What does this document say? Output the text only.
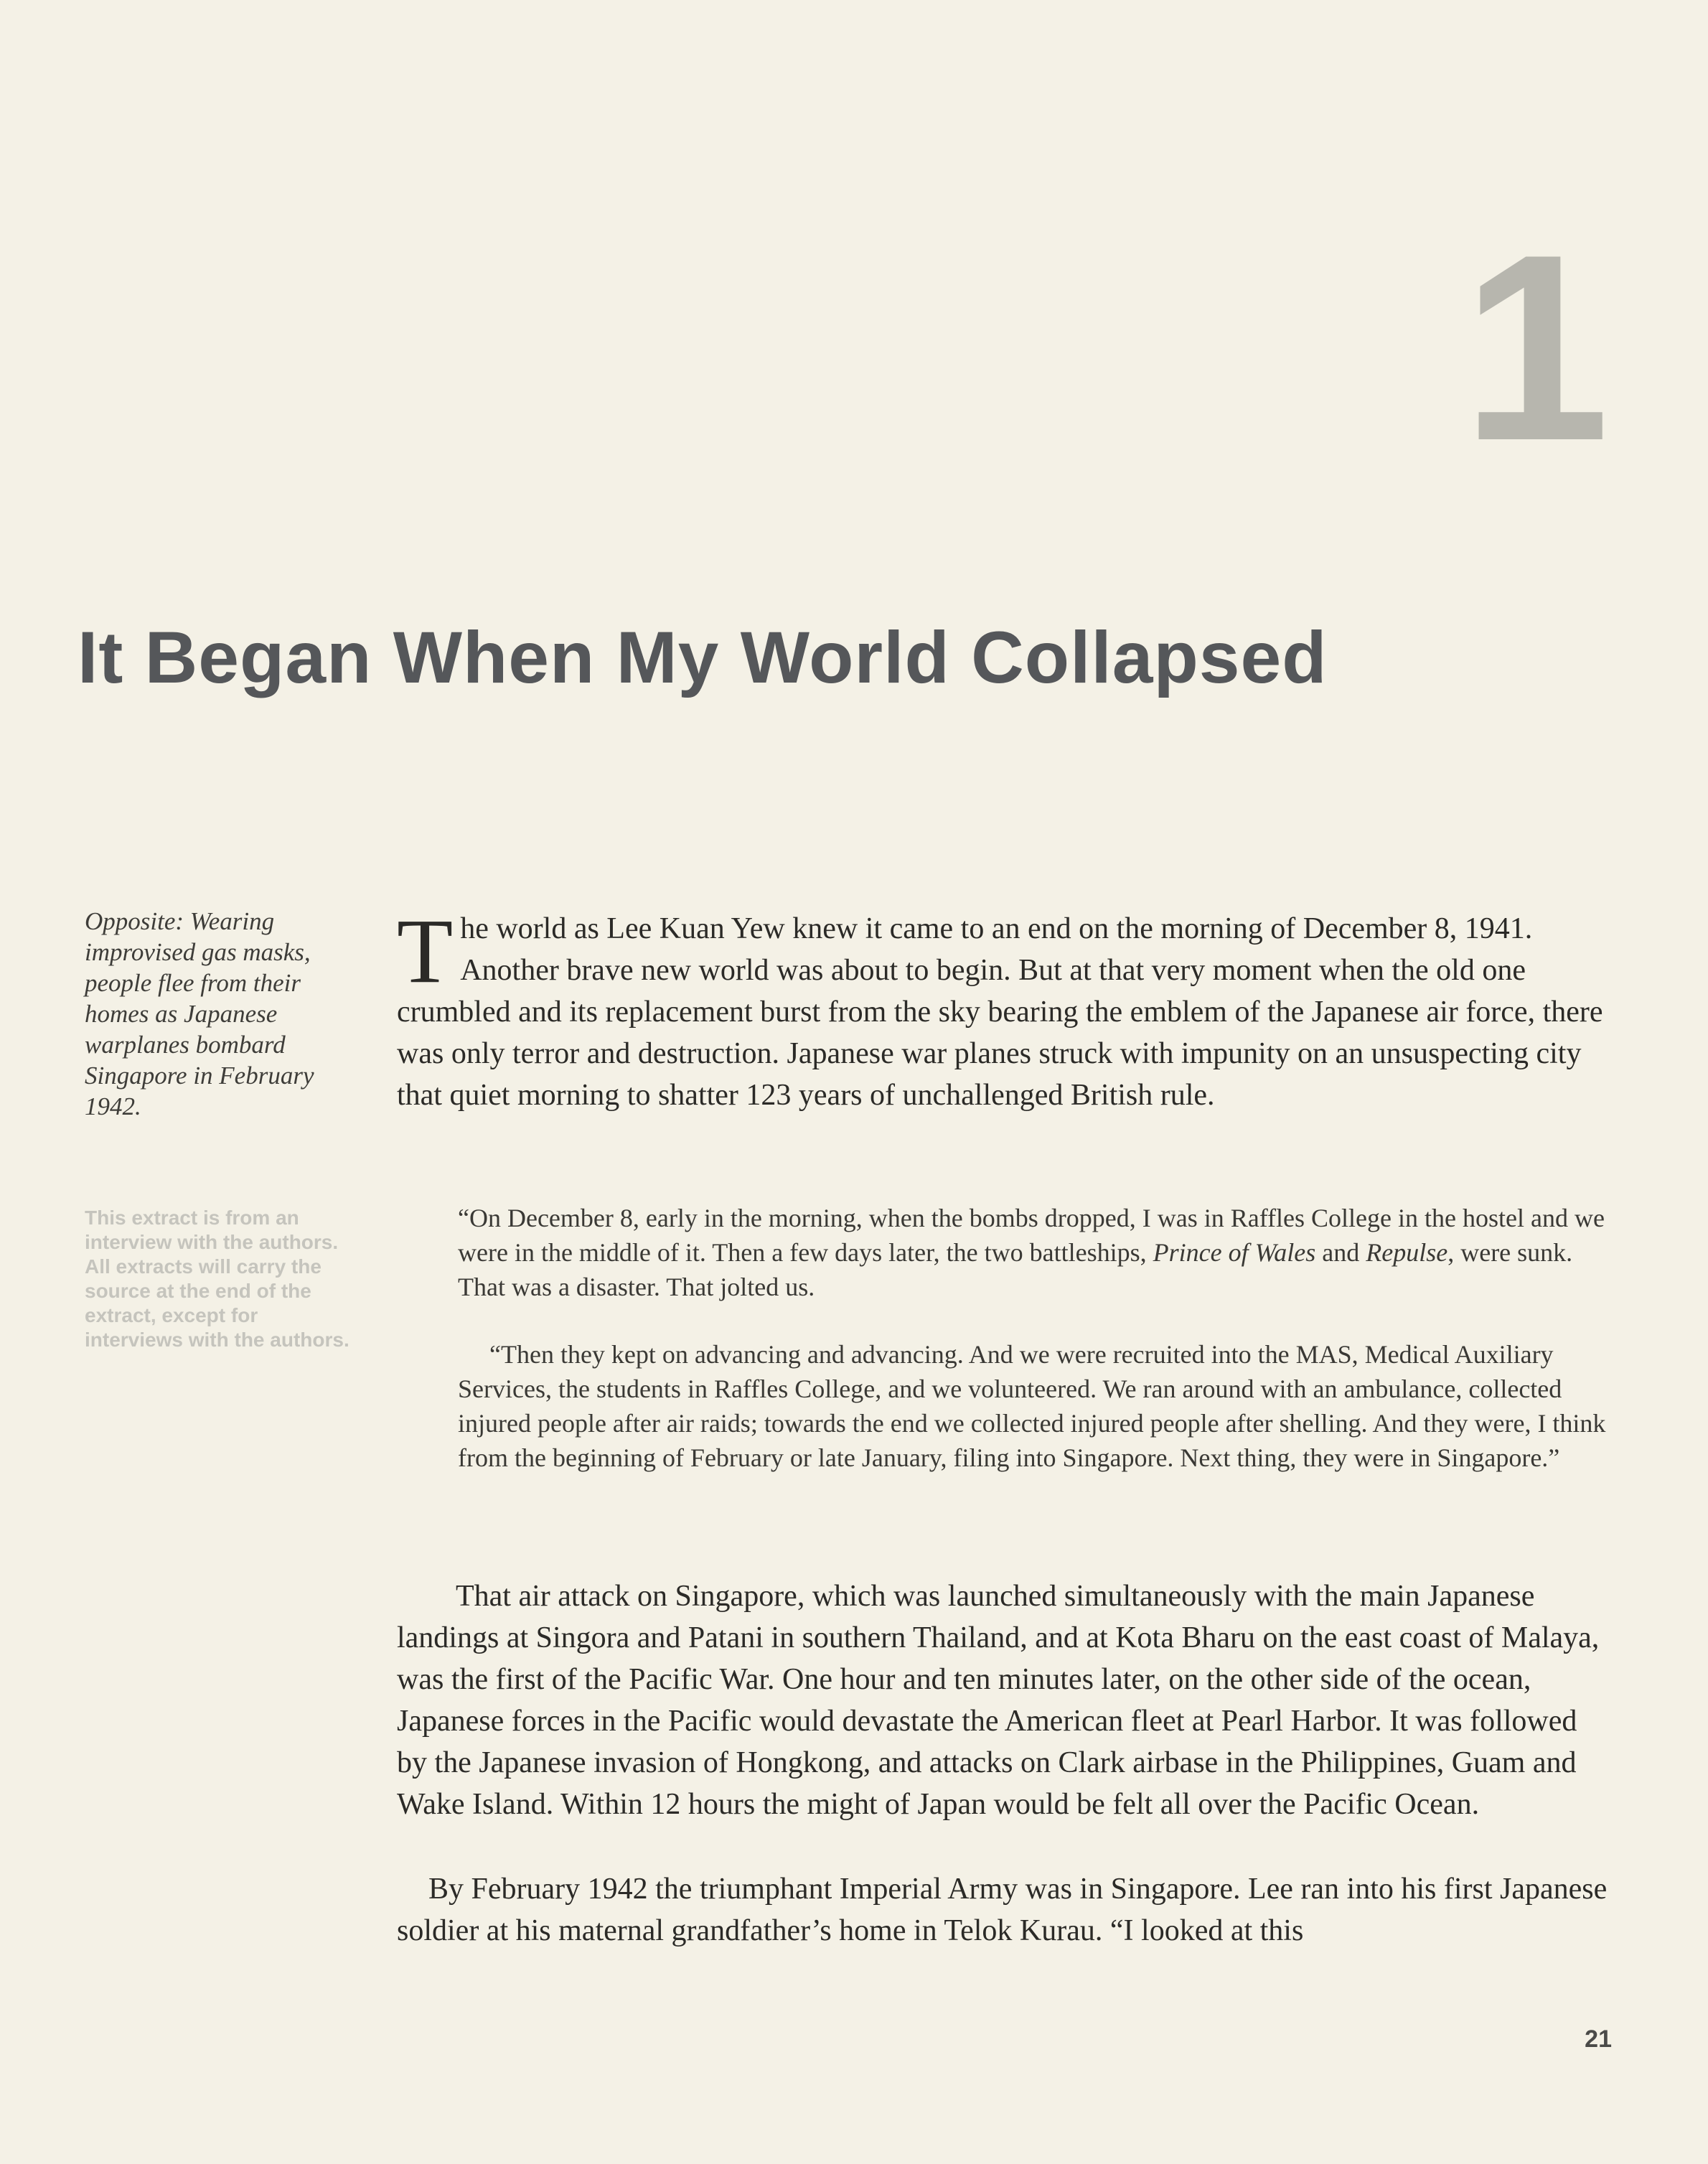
1
It Began When My World Collapsed

Opposite: Wearing improvised gas masks, people flee from their homes as Japanese warplanes bombard Singapore in February 1942.

This extract is from an interview with the authors. All extracts will carry the source at the end of the extract, except for interviews with the authors.

The world as Lee Kuan Yew knew it came to an end on the morning of December 8, 1941. Another brave new world was about to begin. But at that very moment when the old one crumbled and its replacement burst from the sky bearing the emblem of the Japanese air force, there was only terror and destruction. Japanese war planes struck with impunity on an unsuspecting city that quiet morning to shatter 123 years of unchallenged British rule.

“On December 8, early in the morning, when the bombs dropped, I was in Raffles College in the hostel and we were in the middle of it. Then a few days later, the two battleships, Prince of Wales and Repulse, were sunk. That was a disaster. That jolted us.

“Then they kept on advancing and advancing. And we were recruited into the MAS, Medical Auxiliary Services, the students in Raffles College, and we volunteered. We ran around with an ambulance, collected injured people after air raids; towards the end we collected injured people after shelling. And they were, I think from the beginning of February or late January, filing into Singapore. Next thing, they were in Singapore.”

That air attack on Singapore, which was launched simultaneously with the main Japanese landings at Singora and Patani in southern Thailand, and at Kota Bharu on the east coast of Malaya, was the first of the Pacific War. One hour and ten minutes later, on the other side of the ocean, Japanese forces in the Pacific would devastate the American fleet at Pearl Harbor. It was followed by the Japanese invasion of Hongkong, and attacks on Clark airbase in the Philippines, Guam and Wake Island. Within 12 hours the might of Japan would be felt all over the Pacific Ocean.

By February 1942 the triumphant Imperial Army was in Singapore. Lee ran into his first Japanese soldier at his maternal grandfather’s home in Telok Kurau. “I looked at this

21
